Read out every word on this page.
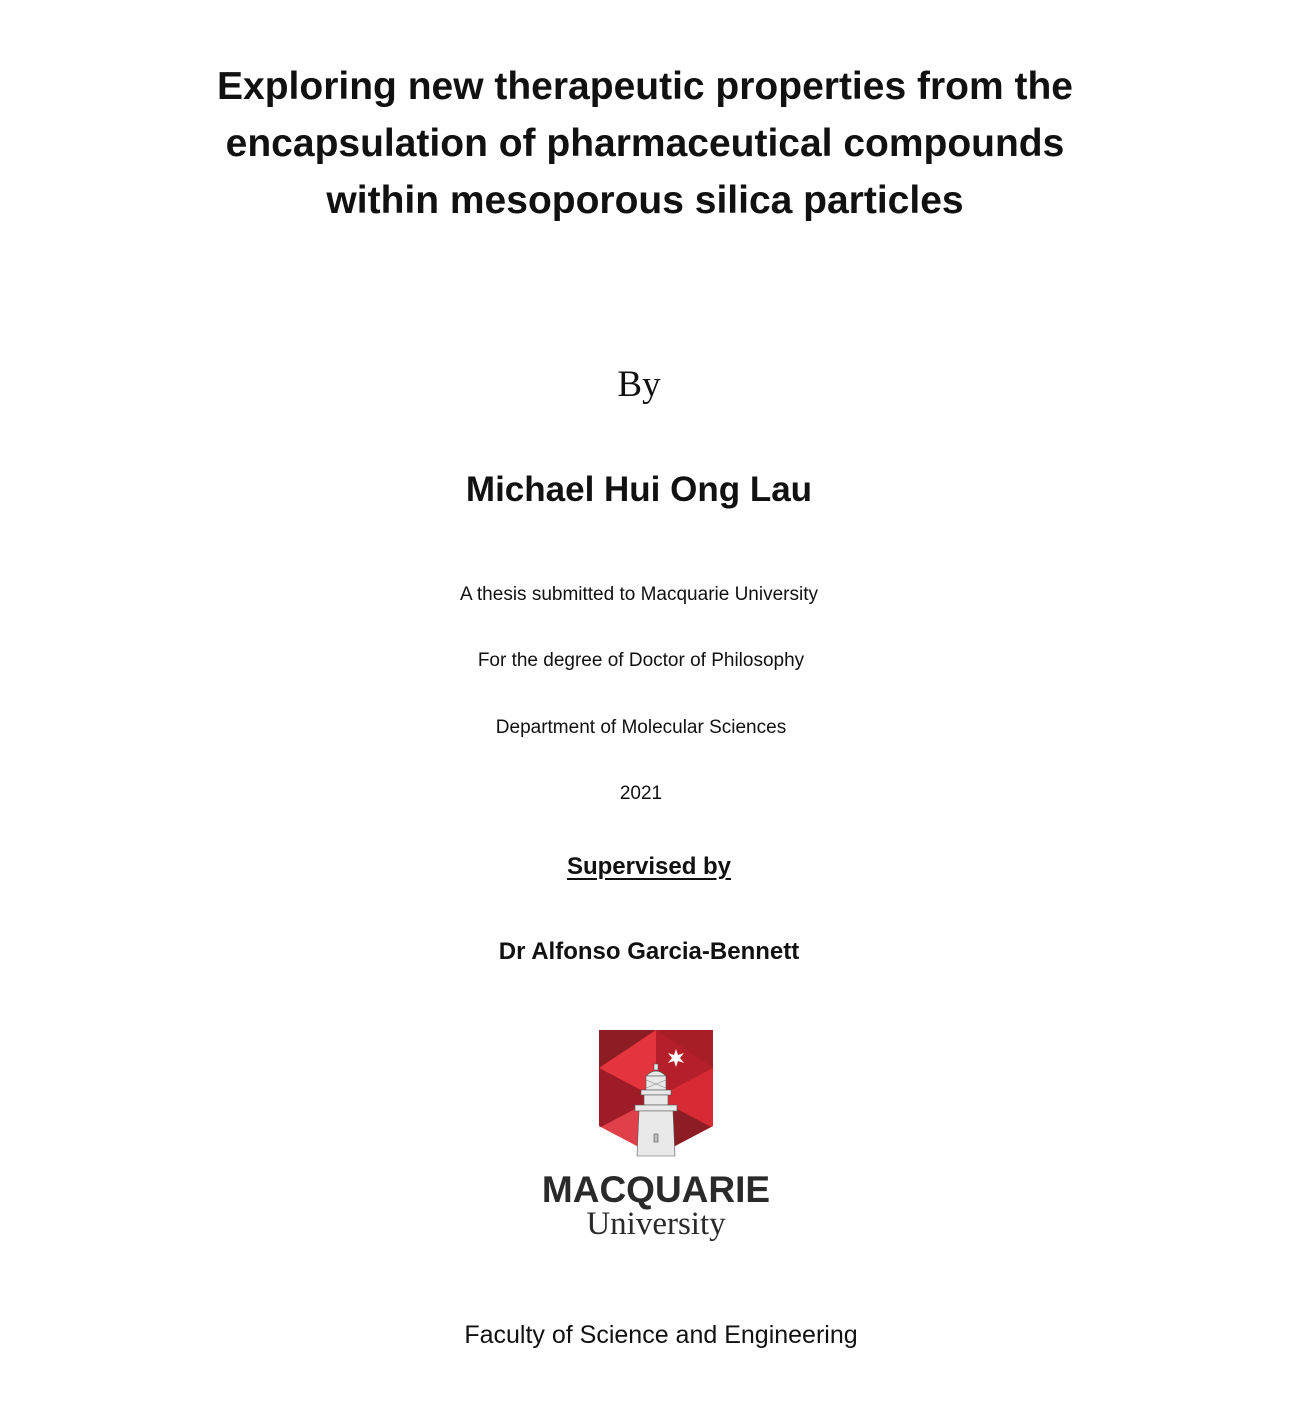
Exploring new therapeutic properties from the
encapsulation of pharmaceutical compounds
within mesoporous silica particles
By
Michael Hui Ong Lau
A thesis submitted to Macquarie University
For the degree of Doctor of Philosophy
Department of Molecular Sciences
2021
Supervised by
Dr Alfonso Garcia-Bennett
MACQUARIE
University
Faculty of Science and Engineering
